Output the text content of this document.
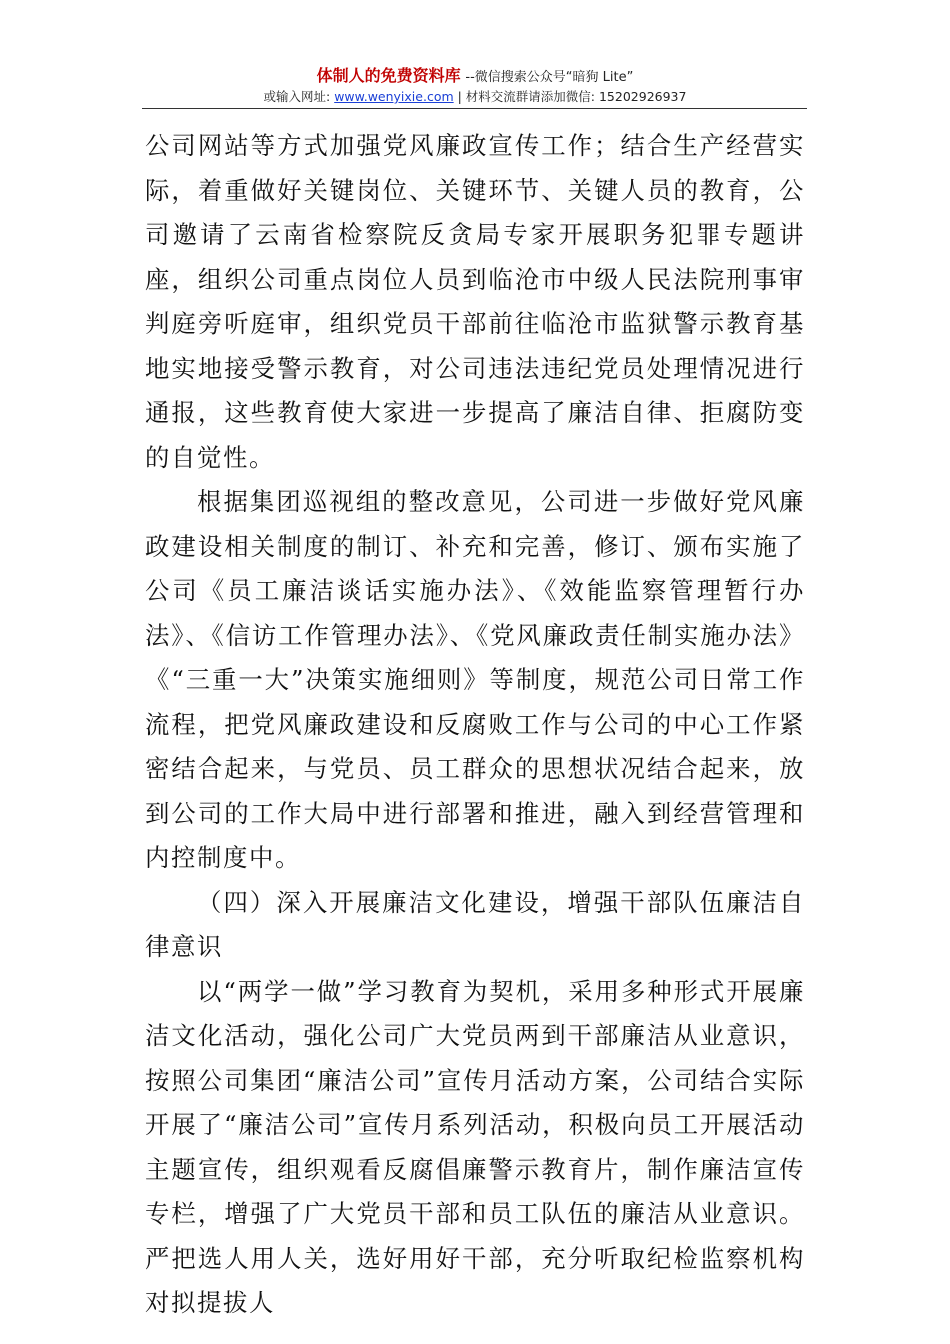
体制人的免费资料库 --微信搜索公众号“暗狗 Lite”
或输入网址: www.wenyixie.com | 材料交流群请添加微信: 15202926937

公司网站等方式加强党风廉政宣传工作；结合生产经营实际，着重做好关键岗位、关键环节、关键人员的教育，公司邀请了云南省检察院反贪局专家开展职务犯罪专题讲座，组织公司重点岗位人员到临沧市中级人民法院刑事审判庭旁听庭审，组织党员干部前往临沧市监狱警示教育基地实地接受警示教育，对公司违法违纪党员处理情况进行通报，这些教育使大家进一步提高了廉洁自律、拒腐防变的自觉性。

根据集团巡视组的整改意见，公司进一步做好党风廉政建设相关制度的制订、补充和完善，修订、颁布实施了公司《员工廉洁谈话实施办法》、《效能监察管理暂行办法》、《信访工作管理办法》、《党风廉政责任制实施办法》《“三重一大”决策实施细则》等制度，规范公司日常工作流程，把党风廉政建设和反腐败工作与公司的中心工作紧密结合起来，与党员、员工群众的思想状况结合起来，放到公司的工作大局中进行部署和推进，融入到经营管理和内控制度中。

（四）深入开展廉洁文化建设，增强干部队伍廉洁自律意识

以“两学一做”学习教育为契机，采用多种形式开展廉洁文化活动，强化公司广大党员两到干部廉洁从业意识，按照公司集团“廉洁公司”宣传月活动方案，公司结合实际开展了“廉洁公司”宣传月系列活动，积极向员工开展活动主题宣传，组织观看反腐倡廉警示教育片，制作廉洁宣传专栏，增强了广大党员干部和员工队伍的廉洁从业意识。严把选人用人关，选好用好干部，充分听取纪检监察机构对拟提拔人
